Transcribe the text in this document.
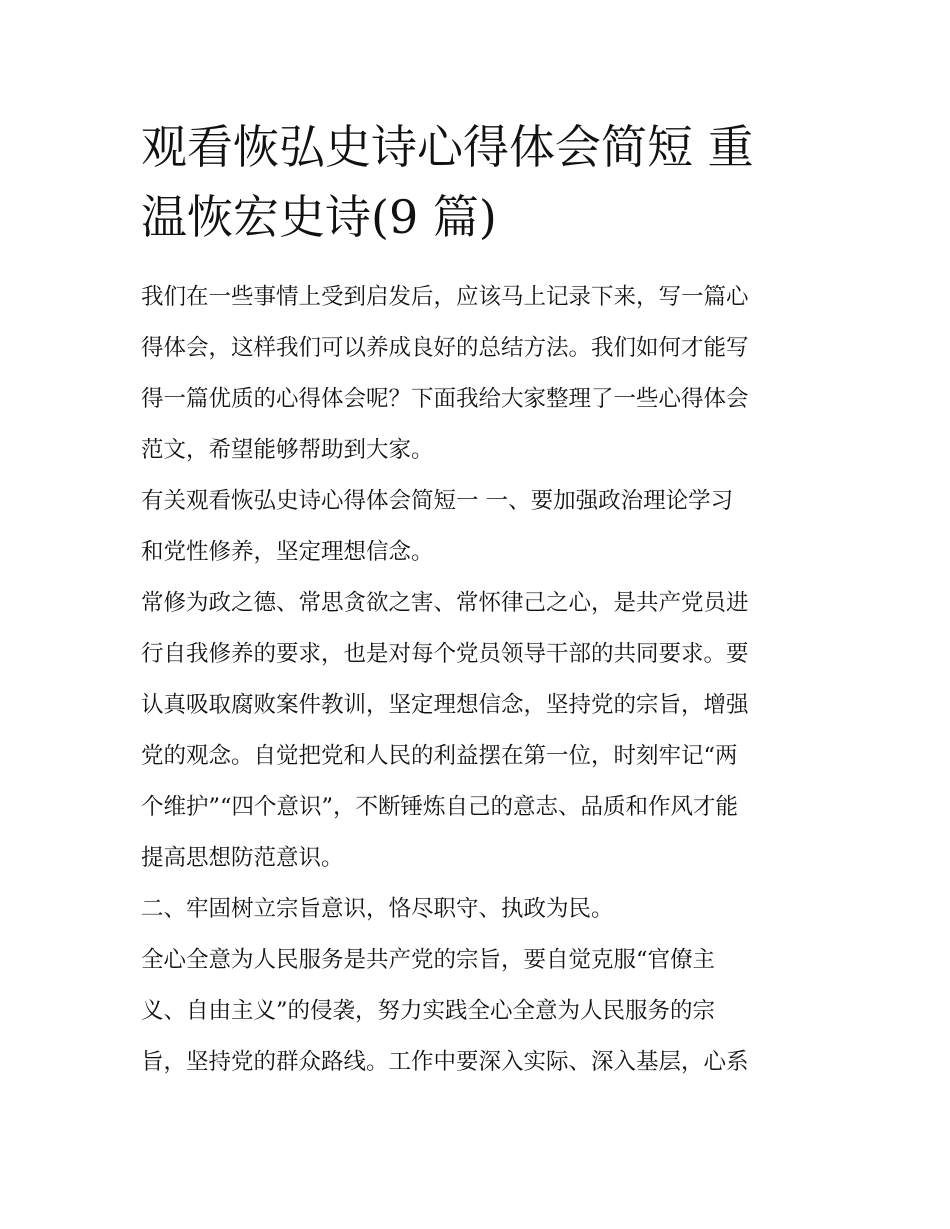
观看恢弘史诗心得体会简短 重
温恢宏史诗(9 篇)

我们在一些事情上受到启发后，应该马上记录下来，写一篇心
得体会，这样我们可以养成良好的总结方法。我们如何才能写
得一篇优质的心得体会呢？下面我给大家整理了一些心得体会
范文，希望能够帮助到大家。

有关观看恢弘史诗心得体会简短一 一、要加强政治理论学习
和党性修养，坚定理想信念。

常修为政之德、常思贪欲之害、常怀律己之心，是共产党员进
行自我修养的要求，也是对每个党员领导干部的共同要求。要
认真吸取腐败案件教训，坚定理想信念，坚持党的宗旨，增强
党的观念。自觉把党和人民的利益摆在第一位，时刻牢记“两
个维护”“四个意识”，不断锤炼自己的意志、品质和作风才能
提高思想防范意识。

二、牢固树立宗旨意识，恪尽职守、执政为民。

全心全意为人民服务是共产党的宗旨，要自觉克服“官僚主
义、自由主义”的侵袭，努力实践全心全意为人民服务的宗
旨，坚持党的群众路线。工作中要深入实际、深入基层，心系
